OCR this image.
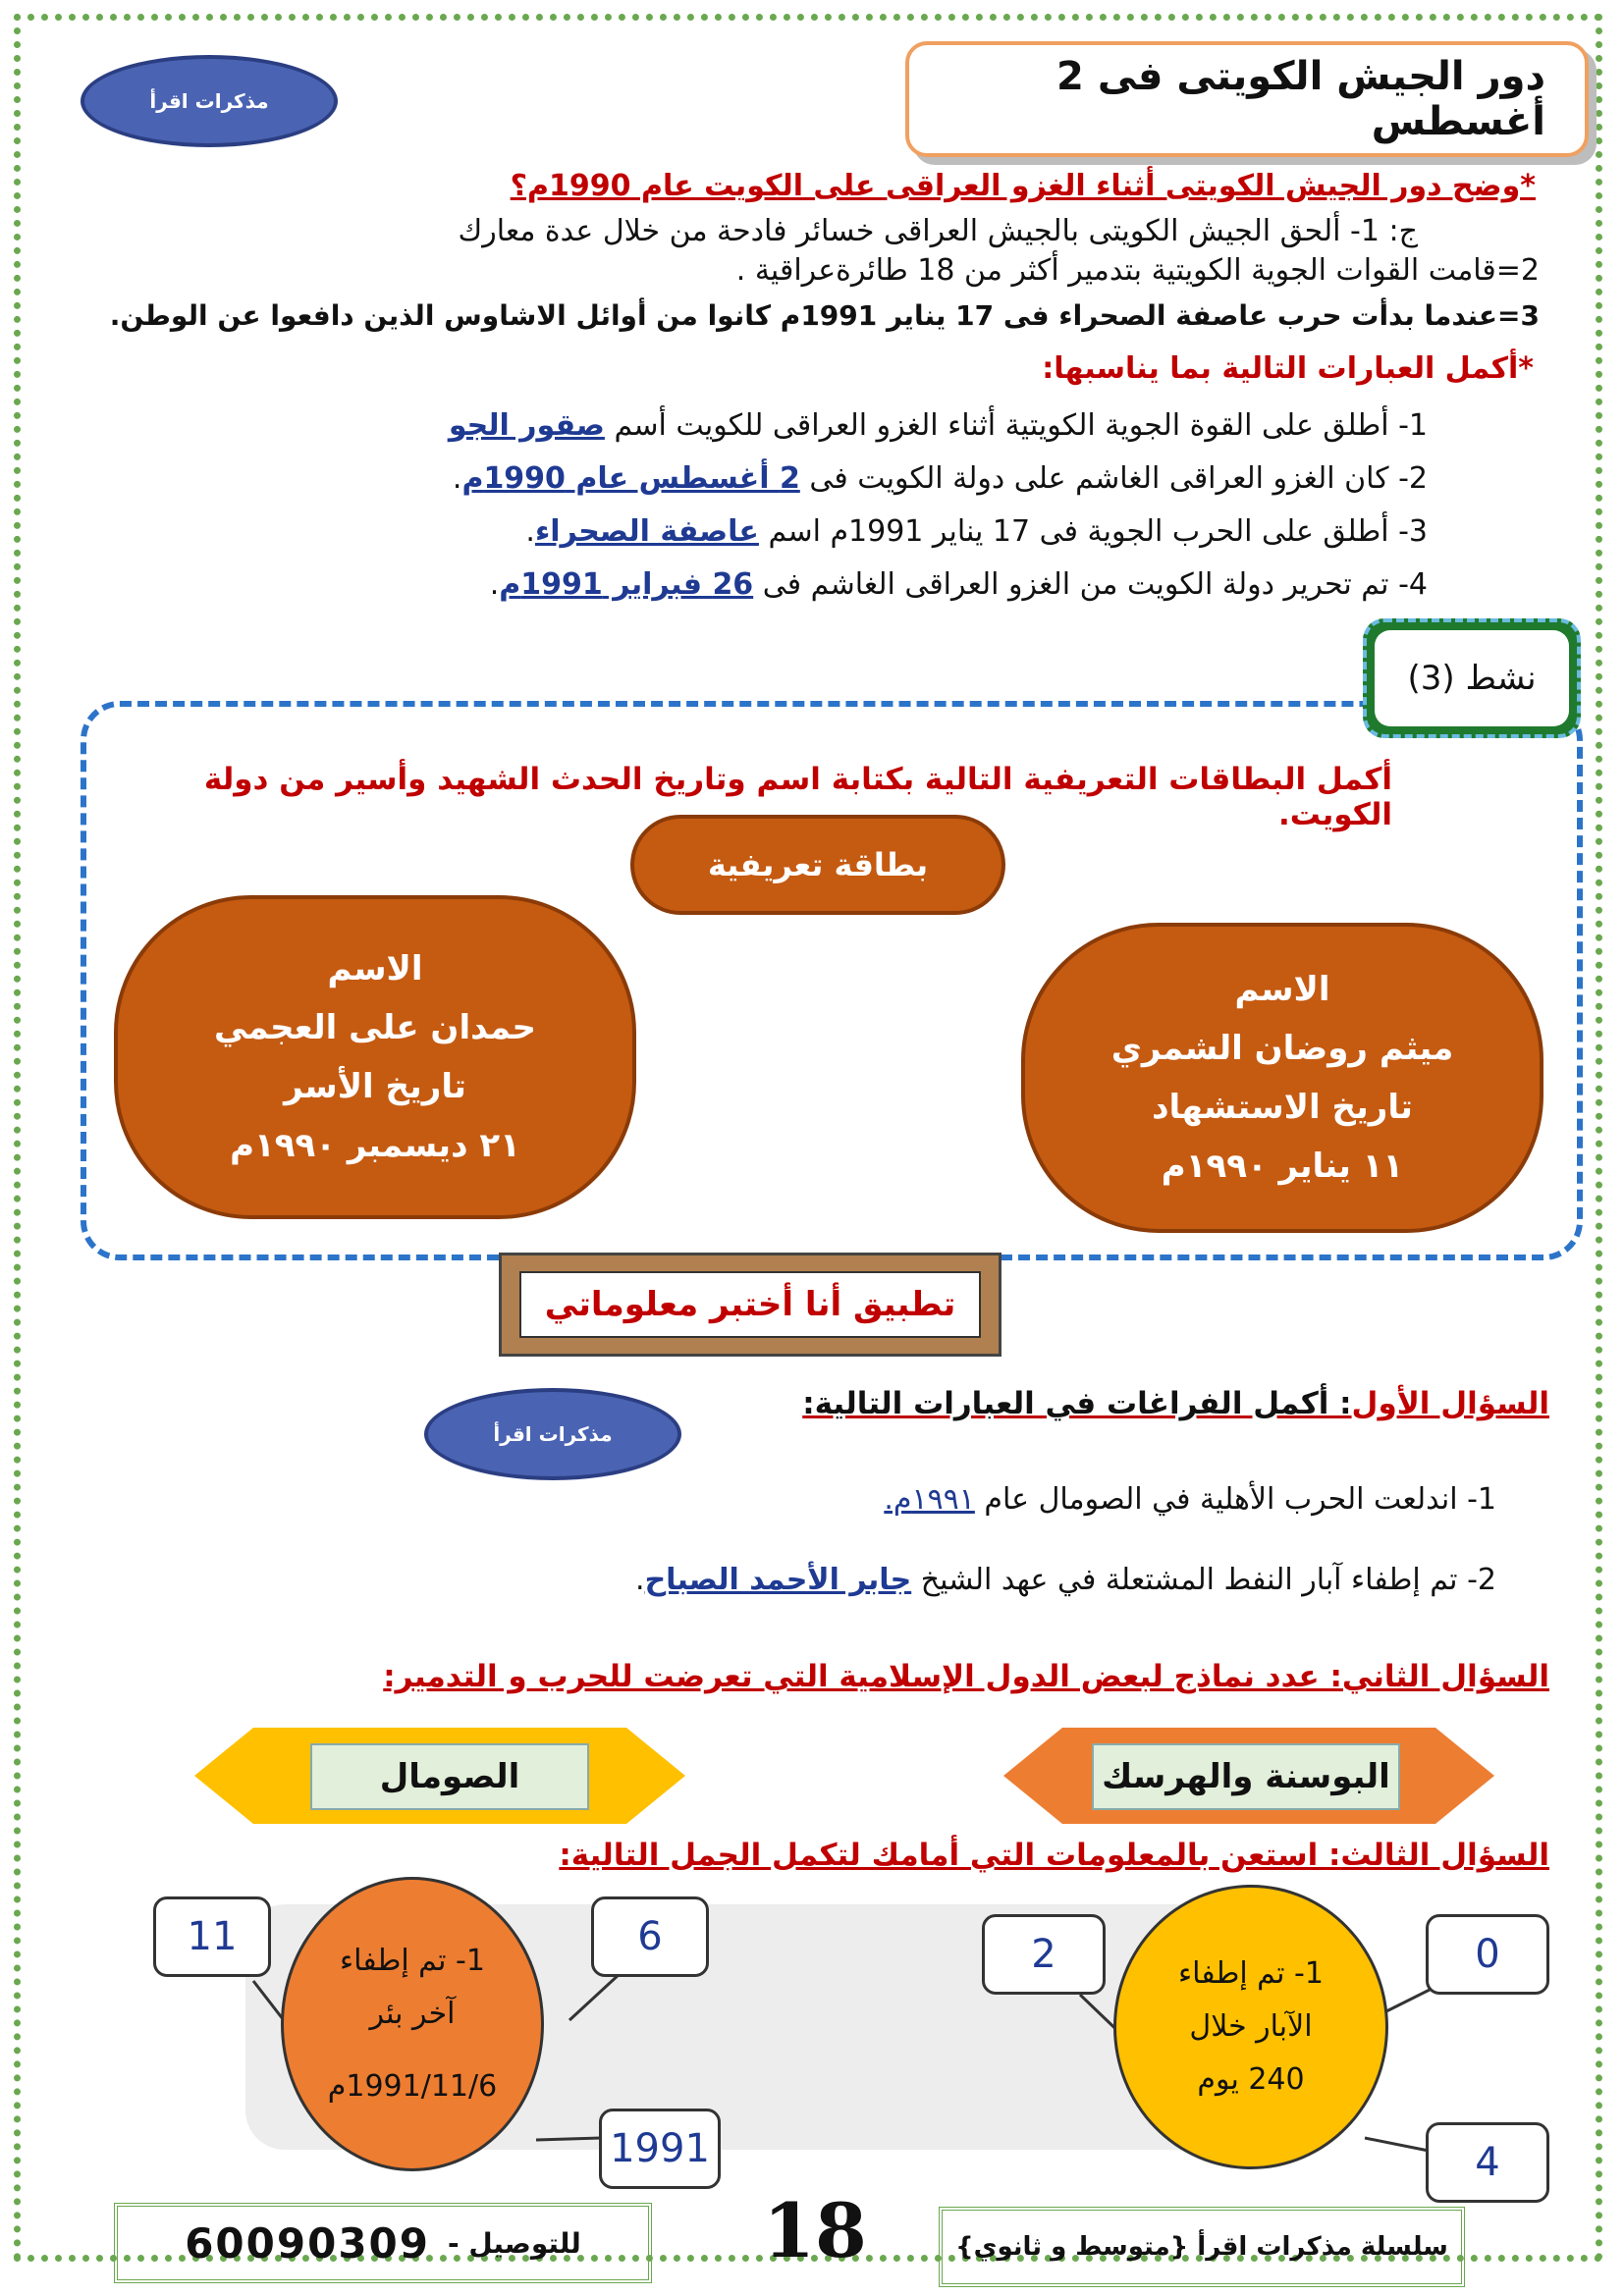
دور الجيش الكويتى فى 2 أغسطس
مذكرات اقرأ
*وضح دور الجيش الكويتى أثناء الغزو العراقى على الكويت عام 1990م؟
ج: 1- ألحق الجيش الكويتى بالجيش العراقى خسائر فادحة من خلال عدة معارك
2=قامت القوات الجوية الكويتية بتدمير أكثر من 18 طائرةعراقية .
3=عندما بدأت حرب عاصفة الصحراء فى 17 يناير 1991م كانوا من أوائل الاشاوس الذين دافعوا عن الوطن.
*أكمل العبارات التالية بما يناسبها:
1- أطلق على القوة الجوية الكويتية أثناء الغزو العراقى للكويت أسم صقور الجو
2- كان الغزو العراقى الغاشم على دولة الكويت فى 2 أغسطس عام 1990م.
3- أطلق على الحرب الجوية فى 17 يناير 1991م اسم عاصفة الصحراء.
4- تم تحرير دولة الكويت من الغزو العراقى الغاشم فى 26 فبراير 1991م.
نشط (3)
أكمل البطاقات التعريفية التالية بكتابة اسم وتاريخ الحدث الشهيد وأسير من دولة الكويت.
بطاقة تعريفية
الاسم
ميثم روضان الشمري
تاريخ الاستشهاد
١١ يناير ١٩٩٠م
الاسم
حمدان على العجمي
تاريخ الأسر
٢١ ديسمبر ١٩٩٠م
تطبيق أنا أختبر معلوماتي
مذكرات اقرأ
السؤال الأول: أكمل الفراغات في العبارات التالية:
1- اندلعت الحرب الأهلية في الصومال عام ١٩٩١م.
2- تم إطفاء آبار النفط المشتعلة في عهد الشيخ جابر الأحمد الصباح.
السؤال الثاني: عدد نماذج لبعض الدول الإسلامية التي تعرضت للحرب و التدمير:
البوسنة والهرسك
الصومال
السؤال الثالث: استعن بالمعلومات التي أمامك لتكمل الجمل التالية:
1- تم إطفاء
الآبار خلال
240 يوم
0
2
4
1- تم إطفاء
آخر بئر
1991/11/6م
6
11
1991
سلسلة مذكرات اقرأ {متوسط و ثانوي}
18
60090309 للتوصيل -
